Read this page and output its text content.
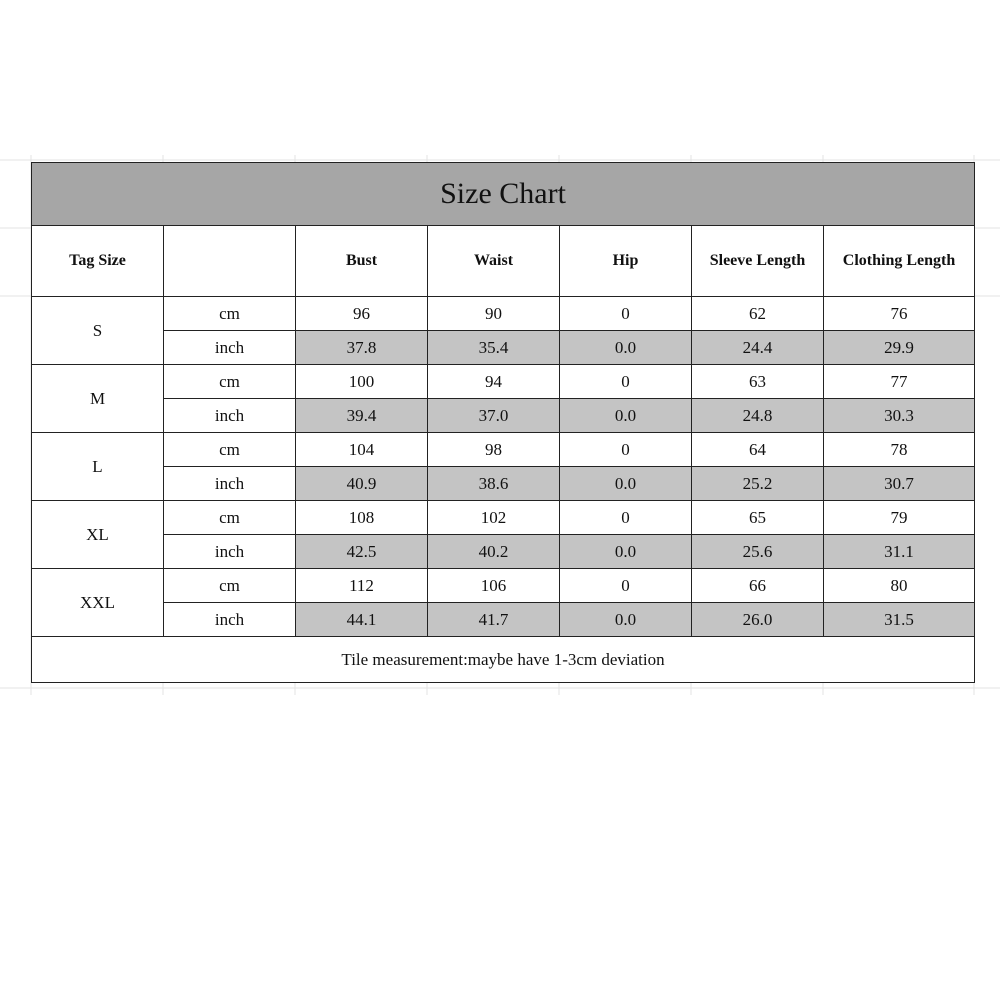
Size Chart						
Tag Size		Bust	Waist	Hip	Sleeve Length	Clothing Length
S	cm	96	90	0	62	76
	inch	37.8	35.4	0.0	24.4	29.9
M	cm	100	94	0	63	77
	inch	39.4	37.0	0.0	24.8	30.3
L	cm	104	98	0	64	78
	inch	40.9	38.6	0.0	25.2	30.7
XL	cm	108	102	0	65	79
	inch	42.5	40.2	0.0	25.6	31.1
XXL	cm	112	106	0	66	80
	inch	44.1	41.7	0.0	26.0	31.5
Tile measurement:maybe have 1-3cm deviation						
